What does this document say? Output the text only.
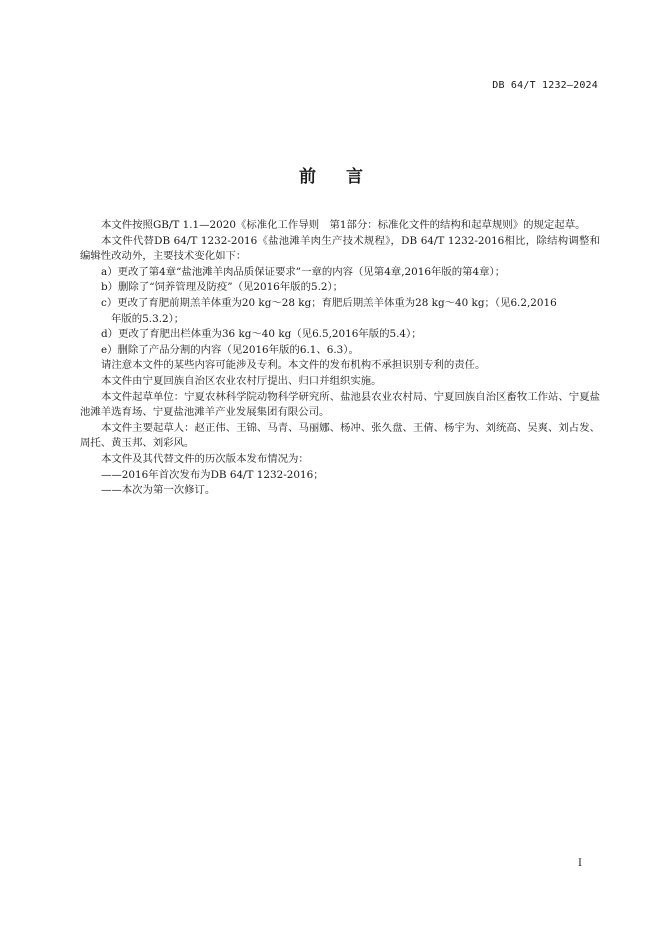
DB 64/T 1232—2024
前 言

本文件按照GB/T 1.1—2020《标准化工作导则　第1部分：标准化文件的结构和起草规则》的规定起草。

本文件代替DB 64/T 1232-2016《盐池滩羊肉生产技术规程》，DB 64/T 1232-2016相比，除结构调整和编辑性改动外，主要技术变化如下：

a）更改了第4章“盐池滩羊肉品质保证要求”一章的内容（见第4章,2016年版的第4章）；

b）删除了“饲养管理及防疫”（见2016年版的5.2）；

c）更改了育肥前期羔羊体重为20 kg～28 kg；育肥后期羔羊体重为28 kg～40 kg；（见6.2,2016
年版的5.3.2）；

d）更改了育肥出栏体重为36 kg～40 kg（见6.5,2016年版的5.4）；

e）删除了产品分割的内容（见2016年版的6.1、6.3）。

请注意本文件的某些内容可能涉及专利。本文件的发布机构不承担识别专利的责任。

本文件由宁夏回族自治区农业农村厅提出、归口并组织实施。

本文件起草单位：宁夏农林科学院动物科学研究所、盐池县农业农村局、宁夏回族自治区畜牧工作站、宁夏盐池滩羊选育场、宁夏盐池滩羊产业发展集团有限公司。

本文件主要起草人：赵正伟、王锦、马青、马丽娜、杨冲、张久盘、王倩、杨宇为、刘统高、吴爽、刘占发、周托、黄玉邦、刘彩风。

本文件及其代替文件的历次版本发布情况为：

——2016年首次发布为DB 64/T 1232-2016；

——本次为第一次修订。

I
